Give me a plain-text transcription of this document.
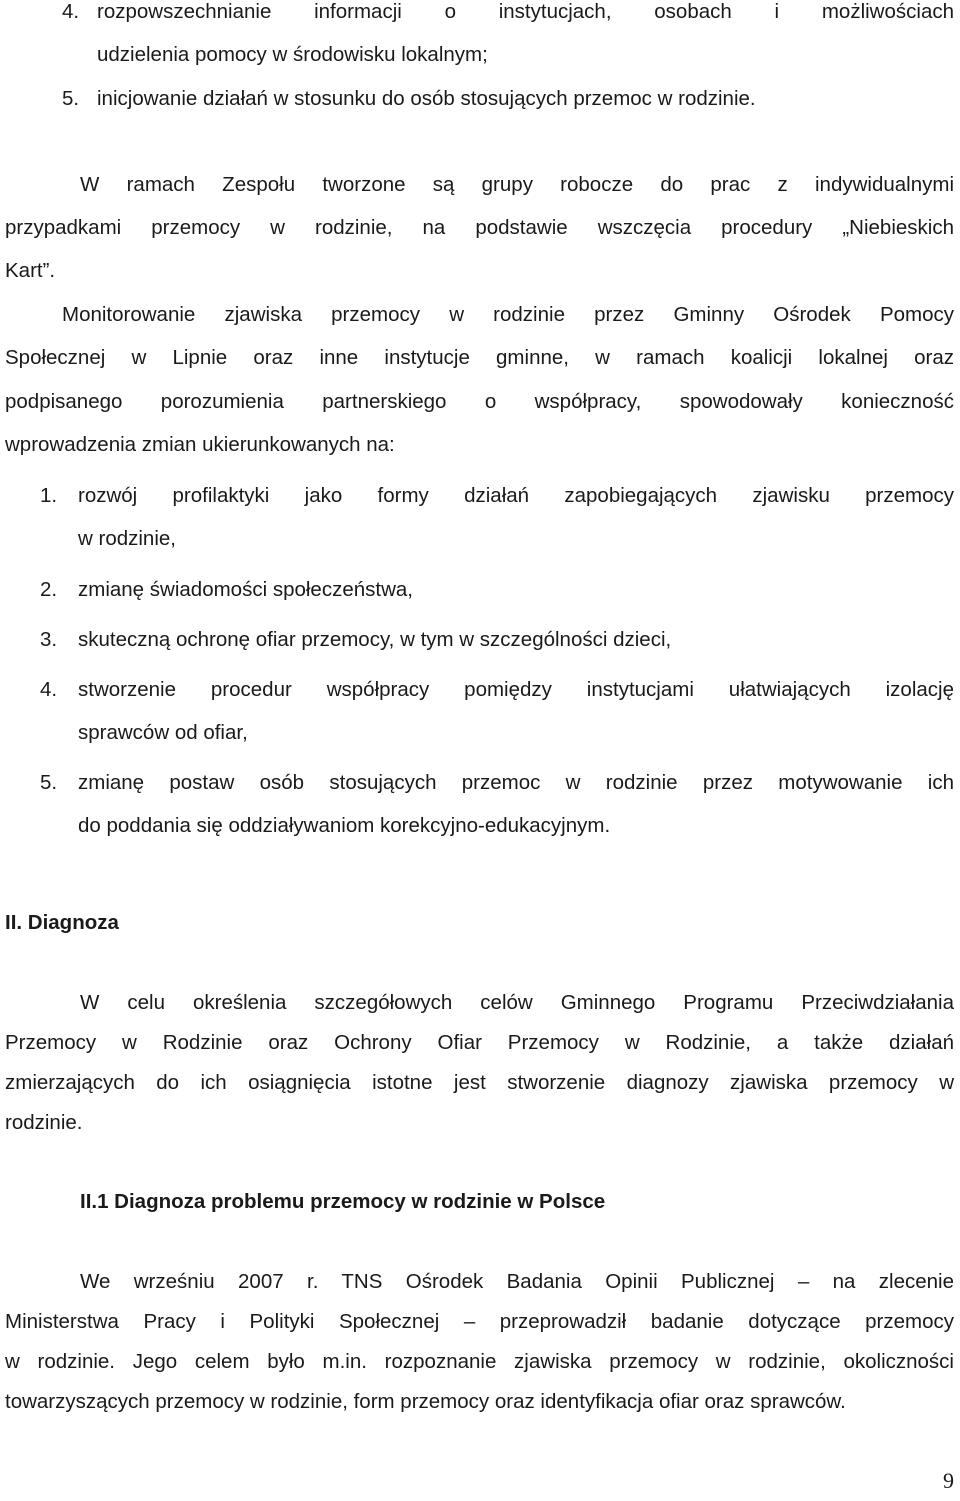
4. rozpowszechnianie informacji o instytucjach, osobach i możliwościach
udzielenia pomocy w środowisku lokalnym;
5. inicjowanie działań w stosunku do osób stosujących przemoc w rodzinie.
W ramach Zespołu tworzone są grupy robocze do prac z indywidualnymi
przypadkami przemocy w rodzinie, na podstawie wszczęcia procedury „Niebieskich
Kart”.
Monitorowanie zjawiska przemocy w rodzinie przez Gminny Ośrodek Pomocy
Społecznej w Lipnie oraz inne instytucje gminne, w ramach koalicji lokalnej oraz
podpisanego porozumienia partnerskiego o współpracy, spowodowały konieczność
wprowadzenia zmian ukierunkowanych na:
1. rozwój profilaktyki jako formy działań zapobiegających zjawisku przemocy
w rodzinie,
2. zmianę świadomości społeczeństwa,
3. skuteczną ochronę ofiar przemocy, w tym w szczególności dzieci,
4. stworzenie procedur współpracy pomiędzy instytucjami ułatwiających izolację
sprawców od ofiar,
5. zmianę postaw osób stosujących przemoc w rodzinie przez motywowanie ich
do poddania się oddziaływaniom korekcyjno-edukacyjnym.
II. Diagnoza
W celu określenia szczegółowych celów Gminnego Programu Przeciwdziałania
Przemocy w Rodzinie oraz Ochrony Ofiar Przemocy w Rodzinie, a także działań
zmierzających do ich osiągnięcia istotne jest stworzenie diagnozy zjawiska przemocy w
rodzinie.
II.1 Diagnoza problemu przemocy w rodzinie w Polsce
We wrześniu 2007 r. TNS Ośrodek Badania Opinii Publicznej – na zlecenie
Ministerstwa Pracy i Polityki Społecznej – przeprowadził badanie dotyczące przemocy
w rodzinie. Jego celem było m.in. rozpoznanie zjawiska przemocy w rodzinie, okoliczności
towarzyszących przemocy w rodzinie, form przemocy oraz identyfikacja ofiar oraz sprawców.
9
